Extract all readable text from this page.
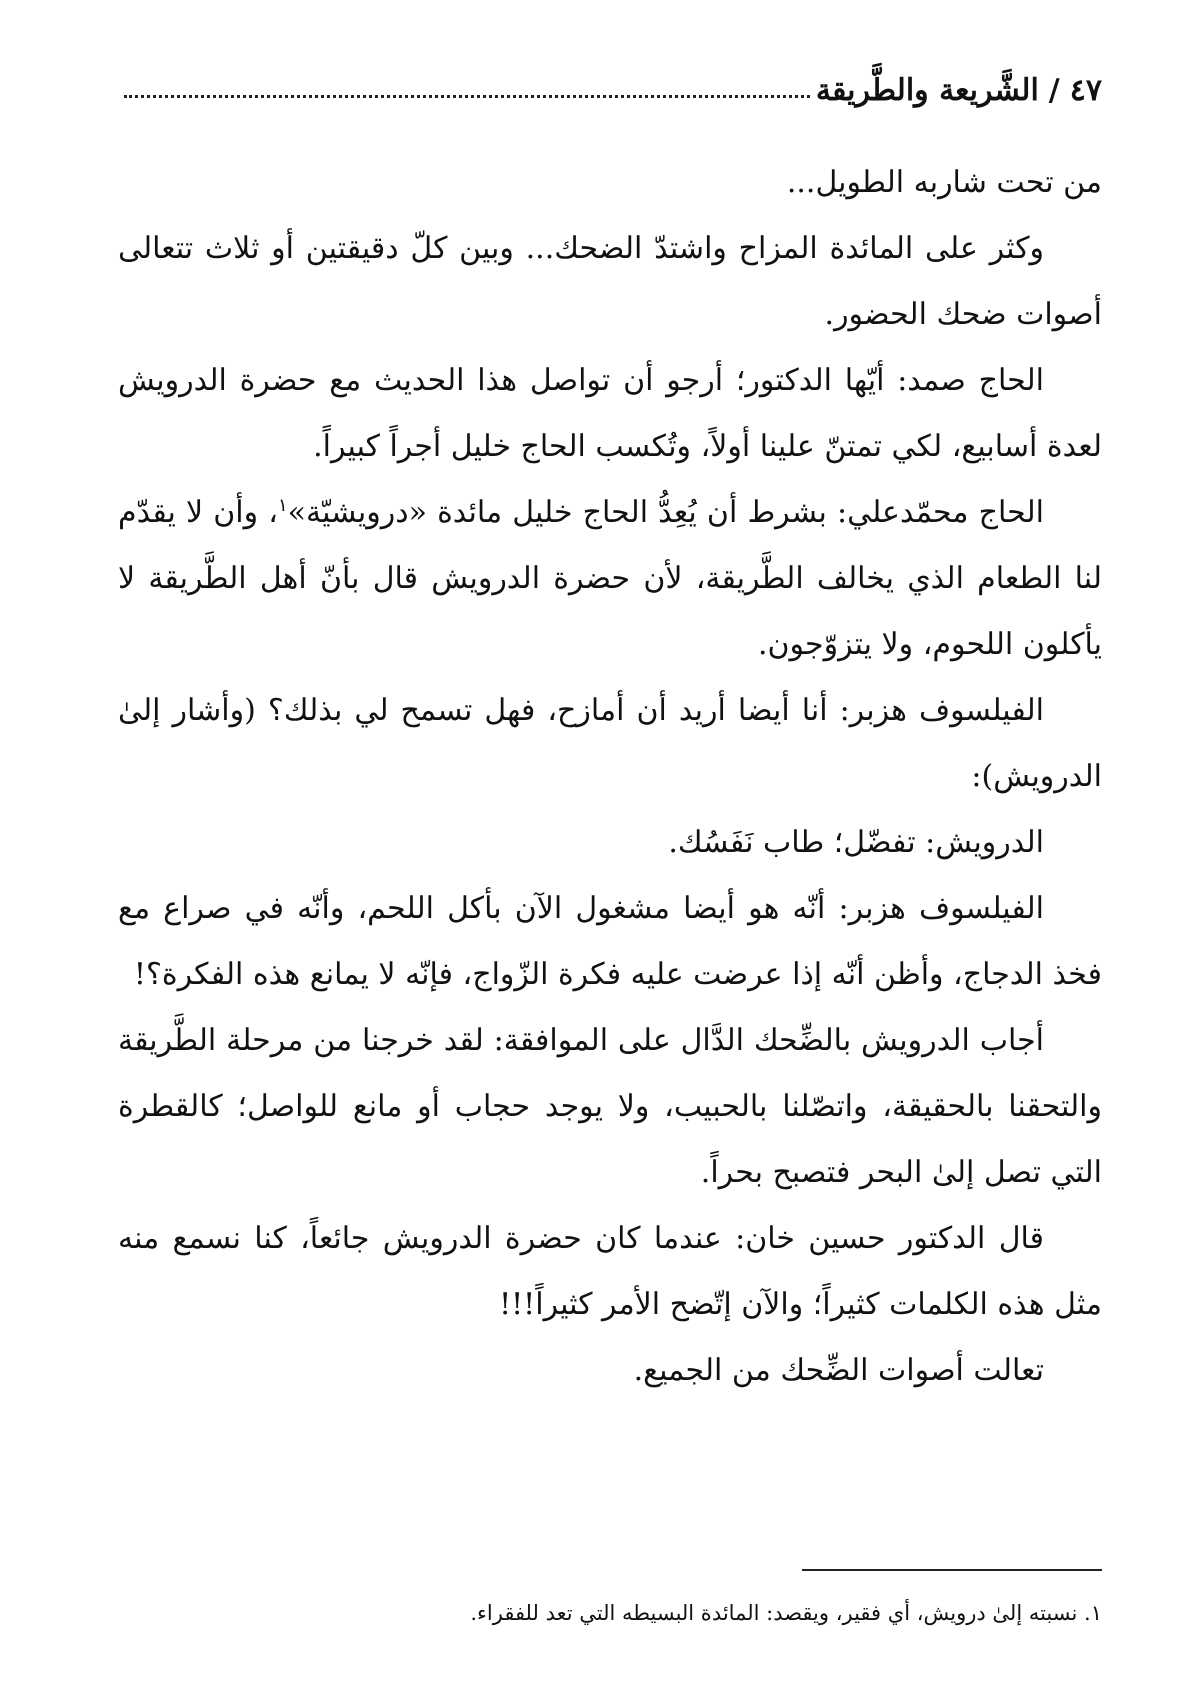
٤٧
/
الشَّريعة والطَّريقة

من تحت شاربه الطويل...

وكثر على المائدة المزاح واشتدّ الضحك... وبين كلّ دقيقتين أو ثلاث تتعالى أصوات ضحك الحضور.

الحاج صمد: أيّها الدكتور؛ أرجو أن تواصل هذا الحديث مع حضرة الدرويش لعدة أسابيع، لكي تمتنّ علينا أولاً، وتُكسب الحاج خليل أجراً كبيراً.

الحاج محمّدعلي: بشرط أن يُعِدُّ الحاج خليل مائدة «درويشيّة»$^١$، وأن لا يقدّم لنا الطعام الذي يخالف الطَّريقة، لأن حضرة الدرويش قال بأنّ أهل الطَّريقة لا يأكلون اللحوم، ولا يتزوّجون.

الفيلسوف هزبر: أنا أيضا أريد أن أمازح، فهل تسمح لي بذلك؟ (وأشار إلىٰ الدرويش):

الدرويش: تفضّل؛ طاب نَفَسُك.

الفيلسوف هزبر: أنّه هو أيضا مشغول الآن بأكل اللحم، وأنّه في صراع مع فخذ الدجاج، وأظن أنّه إذا عرضت عليه فكرة الزّواج، فإنّه لا يمانع هذه الفكرة؟!

أجاب الدرويش بالضِّحك الدَّال على الموافقة: لقد خرجنا من مرحلة الطَّريقة والتحقنا بالحقيقة، واتصّلنا بالحبيب، ولا يوجد حجاب أو مانع للواصل؛ كالقطرة التي تصل إلىٰ البحر فتصبح بحراً.

قال الدكتور حسين خان: عندما كان حضرة الدرويش جائعاً، كنا نسمع منه مثل هذه الكلمات كثيراً؛ والآن إتّضح الأمر كثيراً!!!

تعالت أصوات الضِّحك من الجميع.

١. نسبته إلىٰ درويش، أي فقير، ويقصد: المائدة البسيطه التي تعد للفقراء.
